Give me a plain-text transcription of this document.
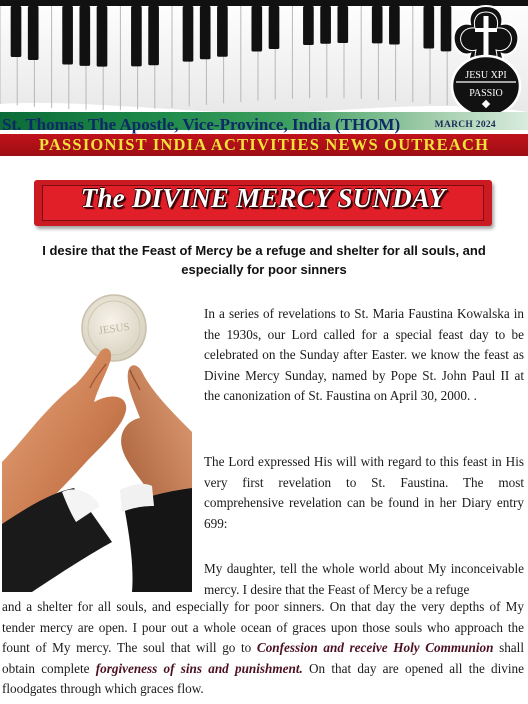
JESU XPI
PASSIO
St. Thomas The Apostle, Vice-Province, India (THOM)	MARCH 2024
PASSIONIST INDIA ACTIVITIES NEWS OUTREACH
The DIVINE MERCY SUNDAY
I desire that the Feast of Mercy be a refuge and shelter for all souls, and especially for poor sinners
JESUS

In a series of revelations to St. Maria Faustina Kowalska in the 1930s, our Lord called for a special feast day to be celebrated on the Sunday after Easter. we know the feast as Divine Mercy Sunday, named by Pope St. John Paul II at the canonization of St. Faustina on April 30, 2000. .

The Lord expressed His will with regard to this feast in His very first revelation to St. Faustina. The most comprehensive revelation can be found in her Diary entry 699:

My daughter, tell the whole world about My inconceivable mercy. I desire that the Feast of Mercy be a refuge

and a shelter for all souls, and especially for poor sinners. On that day the very depths of My tender mercy are open. I pour out a whole ocean of graces upon those souls who approach the fount of My mercy. The soul that will go to Confession and receive Holy Communion shall obtain complete forgiveness of sins and punishment. On that day are opened all the divine floodgates through which graces flow.
